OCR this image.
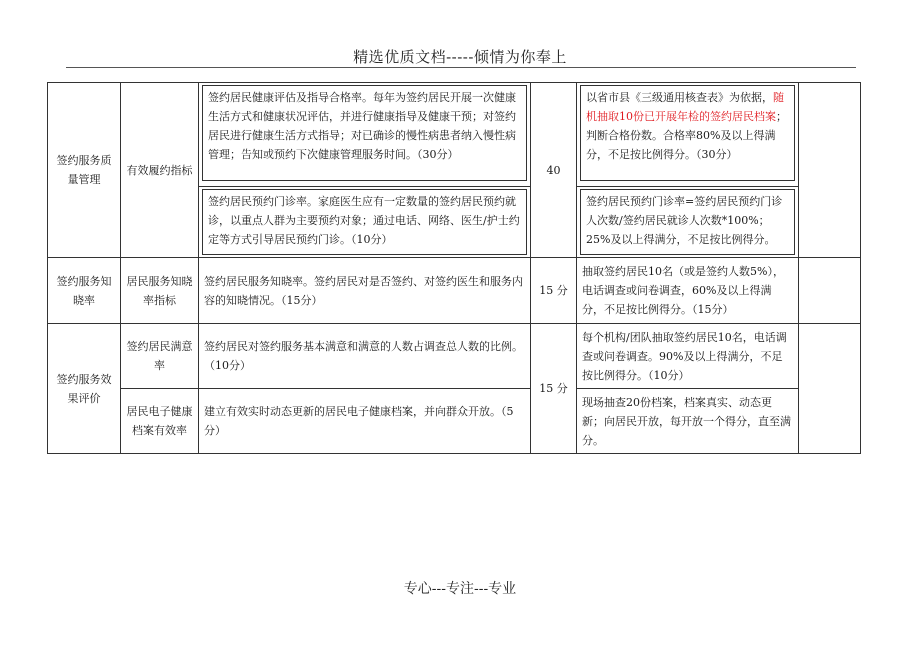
精选优质文档-----倾情为你奉上
签约服务质量管理	有效履约指标	签约居民健康评估及指导合格率。每年为签约居民开展一次健康生活方式和健康状况评估，并进行健康指导及健康干预；对签约居民进行健康生活方式指导；对已确诊的慢性病患者纳入慢性病管理；告知或预约下次健康管理服务时间。（30分）	40	以省市县《三级通用核查表》为依据，随机抽取10份已开展年检的签约居民档案；判断合格份数。合格率80%及以上得满分，不足按比例得分。（30分）	

		签约居民预约门诊率。家庭医生应有一定数量的签约居民预约就诊，以重点人群为主要预约对象；通过电话、网络、医生/护士约定等方式引导居民预约门诊。（10分）		签约居民预约门诊率=签约居民预约门诊人次数/签约居民就诊人次数*100%；25%及以上得满分，不足按比例得分。	

签约服务知晓率	居民服务知晓率指标	签约居民服务知晓率。签约居民对是否签约、对签约医生和服务内容的知晓情况。（15分）	15 分	抽取签约居民10名（或是签约人数5%），电话调查或问卷调查，60%及以上得满分，不足按比例得分。（15分）	
签约服务效果评价	签约居民满意率	签约居民对签约服务基本满意和满意的人数占调查总人数的比例。（10分）	15 分	每个机构/团队抽取签约居民10名，电话调查或问卷调查。90%及以上得满分，不足按比例得分。（10分）	
	居民电子健康档案有效率	建立有效实时动态更新的居民电子健康档案，并向群众开放。（5分）		现场抽查20份档案，档案真实、动态更新；向居民开放，每开放一个得分，直至满分。	
专心---专注---专业
